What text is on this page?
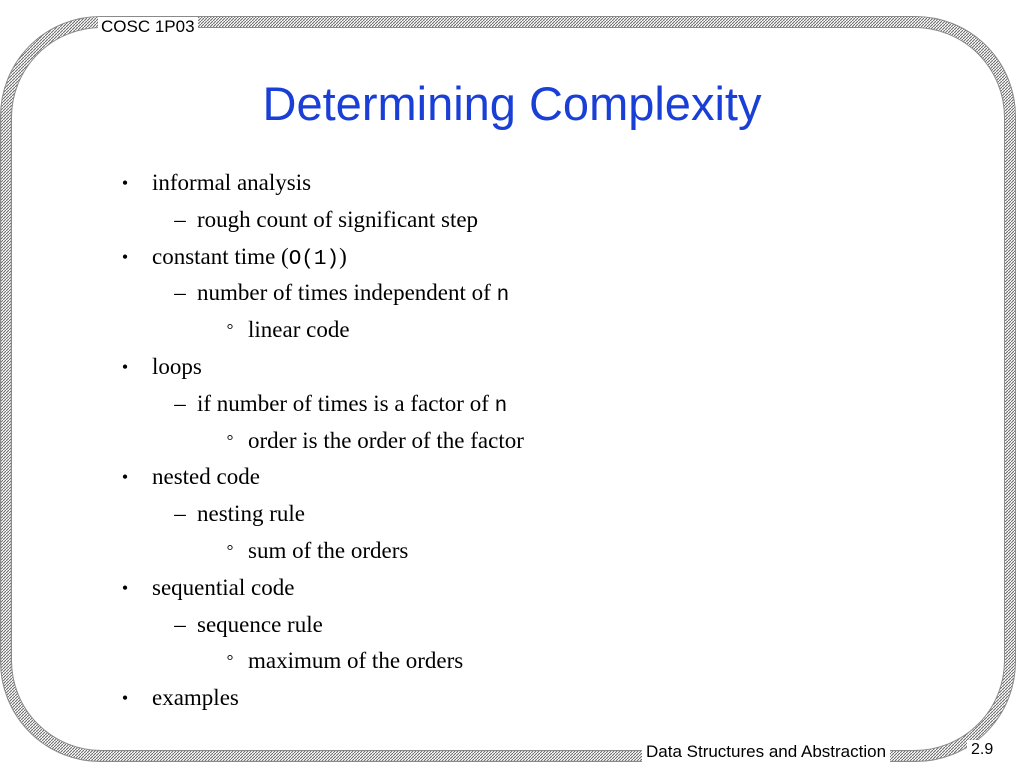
COSC 1P03
Determining Complexity
•	informal analysis
– rough count of significant step
•	constant time (O(1))
– number of times independent of n
° linear code
•	loops
– if number of times is a factor of n
° order is the order of the factor
•	nested code
– nesting rule
° sum of the orders
•	sequential code
– sequence rule
° maximum of the orders
•	examples
Data Structures and Abstraction	2.9
